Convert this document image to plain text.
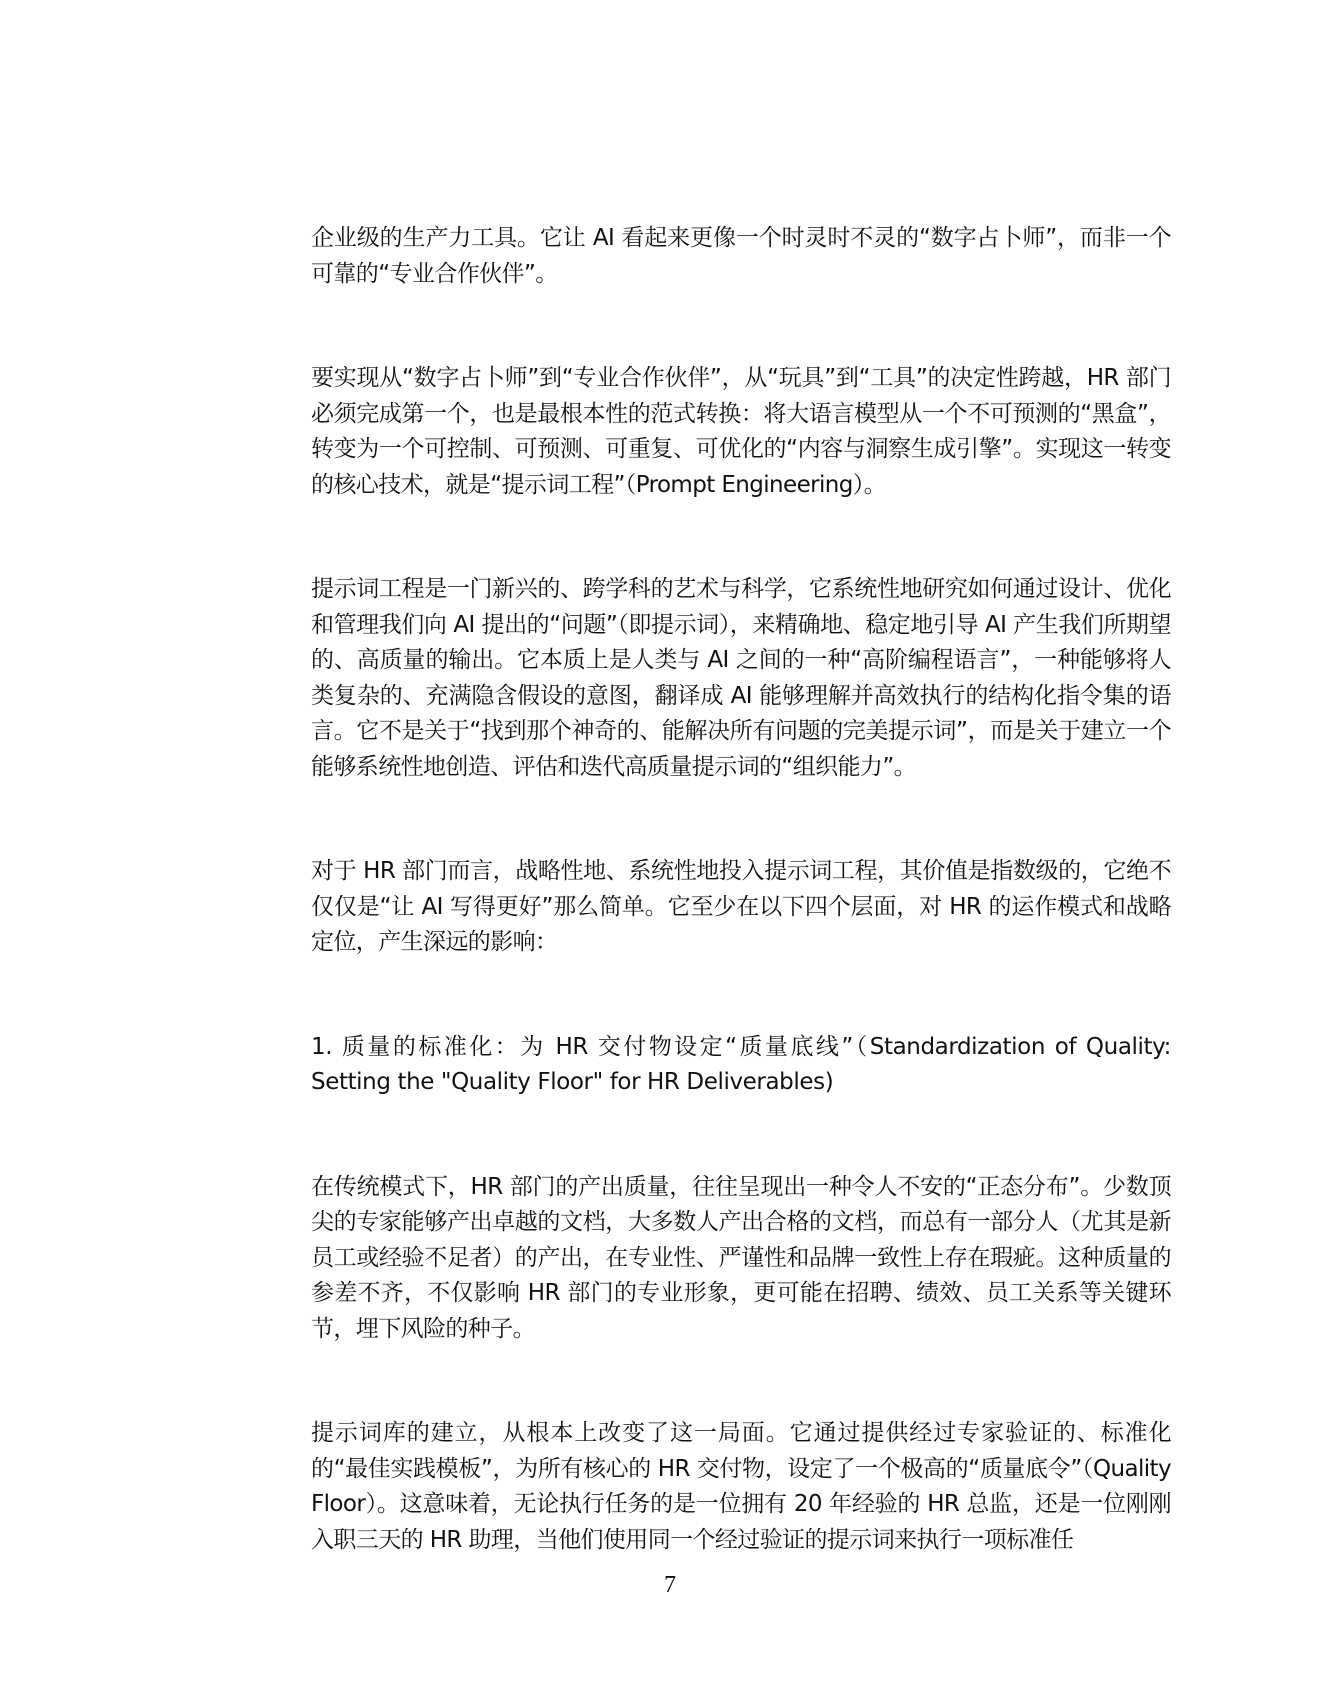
企业级的生产力工具。它让 AI 看起来更像一个时灵时不灵的“数字占卜师”，而非一个可靠的“专业合作伙伴”。

要实现从“数字占卜师”到“专业合作伙伴”，从“玩具”到“工具”的决定性跨越，HR 部门必须完成第一个，也是最根本性的范式转换：将大语言模型从一个不可预测的“黑盒”，转变为一个可控制、可预测、可重复、可优化的“内容与洞察生成引擎”。实现这一转变的核心技术，就是“提示词工程”（Prompt Engineering）。

提示词工程是一门新兴的、跨学科的艺术与科学，它系统性地研究如何通过设计、优化和管理我们向 AI 提出的“问题”（即提示词），来精确地、稳定地引导 AI 产生我们所期望的、高质量的输出。它本质上是人类与 AI 之间的一种“高阶编程语言”，一种能够将人类复杂的、充满隐含假设的意图，翻译成 AI 能够理解并高效执行的结构化指令集的语言。它不是关于“找到那个神奇的、能解决所有问题的完美提示词”，而是关于建立一个能够系统性地创造、评估和迭代高质量提示词的“组织能力”。

对于 HR 部门而言，战略性地、系统性地投入提示词工程，其价值是指数级的，它绝不仅仅是“让 AI 写得更好”那么简单。它至少在以下四个层面，对 HR 的运作模式和战略定位，产生深远的影响：

1. 质量的标准化：为 HR 交付物设定“质量底线”（Standardization of Quality: Setting the "Quality Floor" for HR Deliverables)

在传统模式下，HR 部门的产出质量，往往呈现出一种令人不安的“正态分布”。少数顶尖的专家能够产出卓越的文档，大多数人产出合格的文档，而总有一部分人（尤其是新员工或经验不足者）的产出，在专业性、严谨性和品牌一致性上存在瑕疵。这种质量的参差不齐，不仅影响 HR 部门的专业形象，更可能在招聘、绩效、员工关系等关键环节，埋下风险的种子。

提示词库的建立，从根本上改变了这一局面。它通过提供经过专家验证的、标准化的“最佳实践模板”，为所有核心的 HR 交付物，设定了一个极高的“质量底令”（Quality Floor）。这意味着，无论执行任务的是一位拥有 20 年经验的 HR 总监，还是一位刚刚入职三天的 HR 助理，当他们使用同一个经过验证的提示词来执行一项标准任

7
